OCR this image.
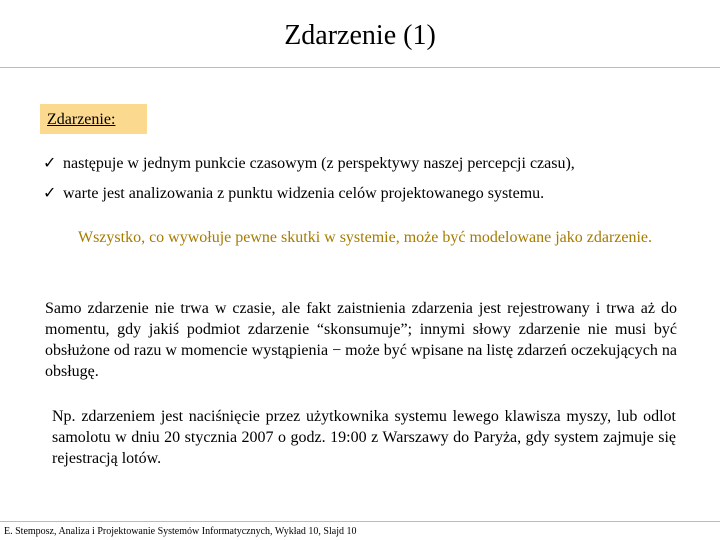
Zdarzenie (1)
Zdarzenie:
✓ następuje w jednym punkcie czasowym (z perspektywy naszej percepcji czasu),
✓ warte jest analizowania z punktu widzenia celów projektowanego systemu.
Wszystko, co wywołuje pewne skutki w systemie, może być modelowane jako zdarzenie.
Samo zdarzenie nie trwa w czasie, ale fakt zaistnienia zdarzenia jest rejestrowany i trwa aż do momentu, gdy jakiś podmiot zdarzenie “skonsumuje”; innymi słowy zdarzenie nie musi być obsłużone od razu w momencie wystąpienia − może być wpisane na listę zdarzeń oczekujących na obsługę.
Np. zdarzeniem jest naciśnięcie przez użytkownika systemu lewego klawisza myszy, lub odlot samolotu w dniu 20 stycznia 2007 o godz. 19:00 z Warszawy do Paryża, gdy system zajmuje się rejestracją lotów.
E. Stemposz, Analiza i Projektowanie Systemów Informatycznych, Wykład 10, Slajd 10
